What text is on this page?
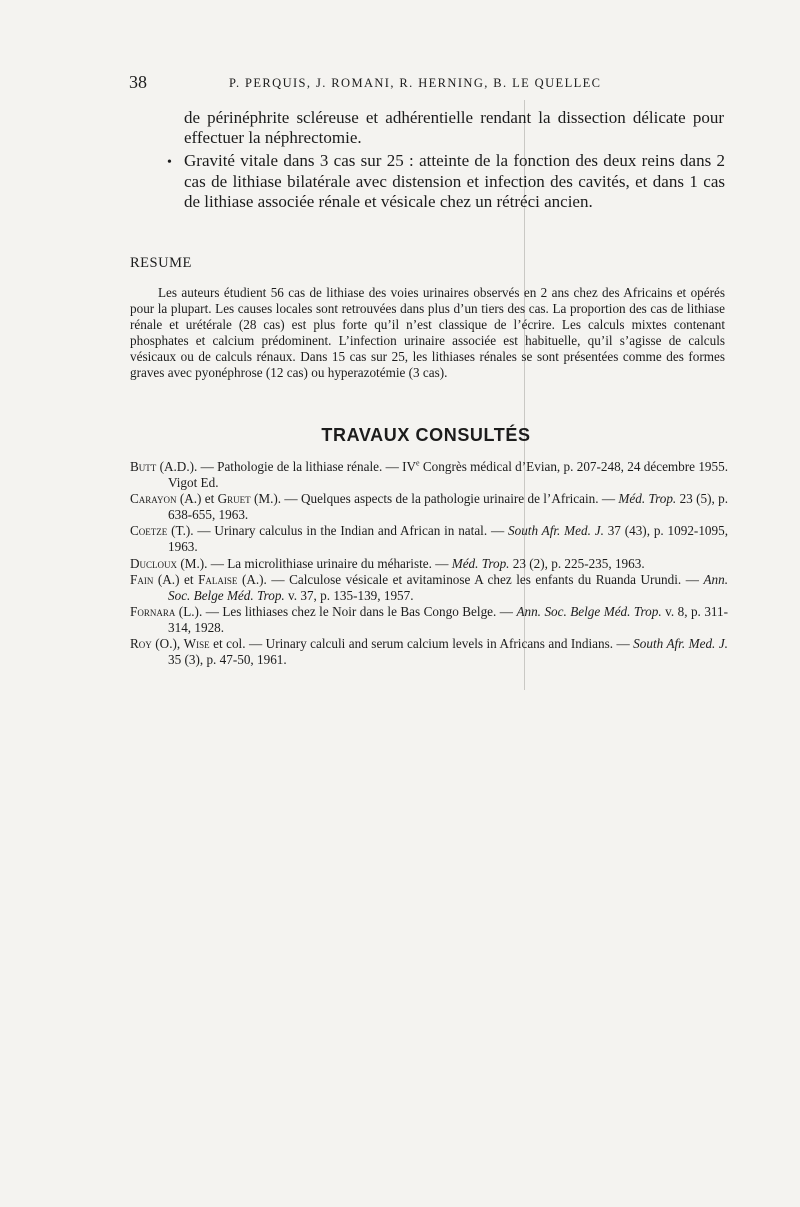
38	P. PERQUIS, J. ROMANI, R. HERNING, B. LE QUELLEC
de périnéphrite scléreuse et adhérentielle rendant la dissection délicate pour effectuer la néphrectomie.
• Gravité vitale dans 3 cas sur 25 : atteinte de la fonction des deux reins dans 2 cas de lithiase bilatérale avec distension et infection des cavités, et dans 1 cas de lithiase associée rénale et vésicale chez un rétréci ancien.
RESUME
Les auteurs étudient 56 cas de lithiase des voies urinaires observés en 2 ans chez des Africains et opérés pour la plupart. Les causes locales sont retrouvées dans plus d’un tiers des cas. La proportion des cas de lithiase rénale et urétérale (28 cas) est plus forte qu’il n’est classique de l’écrire. Les calculs mixtes contenant phosphates et calcium prédominent. L’infection urinaire associée est habituelle, qu’il s’agisse de calculs vésicaux ou de calculs rénaux. Dans 15 cas sur 25, les lithiases rénales se sont présentées comme des formes graves avec pyonéphrose (12 cas) ou hyperazotémie (3 cas).
TRAVAUX CONSULTÉS
Butt (A.D.). — Pathologie de la lithiase rénale. — IVe Congrès médical d’Evian, p. 207-248, 24 décembre 1955. Vigot Ed.
Carayon (A.) et Gruet (M.). — Quelques aspects de la pathologie urinaire de l’Africain. — Méd. Trop. 23 (5), p. 638-655, 1963.
Coetze (T.). — Urinary calculus in the Indian and African in natal. — South Afr. Med. J. 37 (43), p. 1092-1095, 1963.
Ducloux (M.). — La microlithiase urinaire du méhariste. — Méd. Trop. 23 (2), p. 225-235, 1963.
Fain (A.) et Falaise (A.). — Calculose vésicale et avitaminose A chez les enfants du Ruanda Urundi. — Ann. Soc. Belge Méd. Trop. v. 37, p. 135-139, 1957.
Fornara (L.). — Les lithiases chez le Noir dans le Bas Congo Belge. — Ann. Soc. Belge Méd. Trop. v. 8, p. 311-314, 1928.
Roy (O.), Wise et col. — Urinary calculi and serum calcium levels in Africans and Indians. — South Afr. Med. J. 35 (3), p. 47-50, 1961.
